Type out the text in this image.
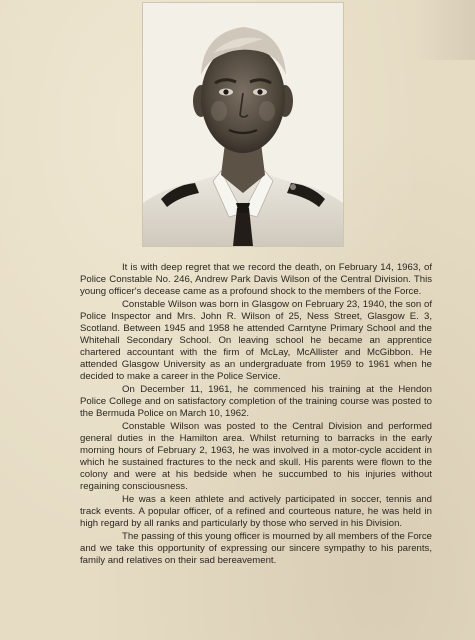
It is with deep regret that we record the death, on February 14, 1963, of Police Constable No. 246, Andrew Park Davis Wilson of the Central Division. This young officer's decease came as a profound shock to the members of the Force.

Constable Wilson was born in Glasgow on February 23, 1940, the son of Police Inspector and Mrs. John R. Wilson of 25, Ness Street, Glasgow E. 3, Scotland. Between 1945 and 1958 he attended Carntyne Primary School and the Whitehall Secondary School. On leaving school he became an apprentice chartered accountant with the firm of McLay, McAllister and McGibbon. He attended Glasgow University as an undergraduate from 1959 to 1961 when he decided to make a career in the Police Service.

On December 11, 1961, he commenced his training at the Hendon Police College and on satisfactory completion of the training course was posted to the Bermuda Police on March 10, 1962.

Constable Wilson was posted to the Central Division and performed general duties in the Hamilton area. Whilst returning to barracks in the early morning hours of February 2, 1963, he was involved in a motor-cycle accident in which he sustained fractures to the neck and skull. His parents were flown to the colony and were at his bedside when he succumbed to his injuries without regaining consciousness.

He was a keen athlete and actively participated in soccer, tennis and track events. A popular officer, of a refined and courteous nature, he was held in high regard by all ranks and particularly by those who served in his Division.

The passing of this young officer is mourned by all members of the Force and we take this opportunity of expressing our sincere sympathy to his parents, family and relatives on their sad bereavement.
